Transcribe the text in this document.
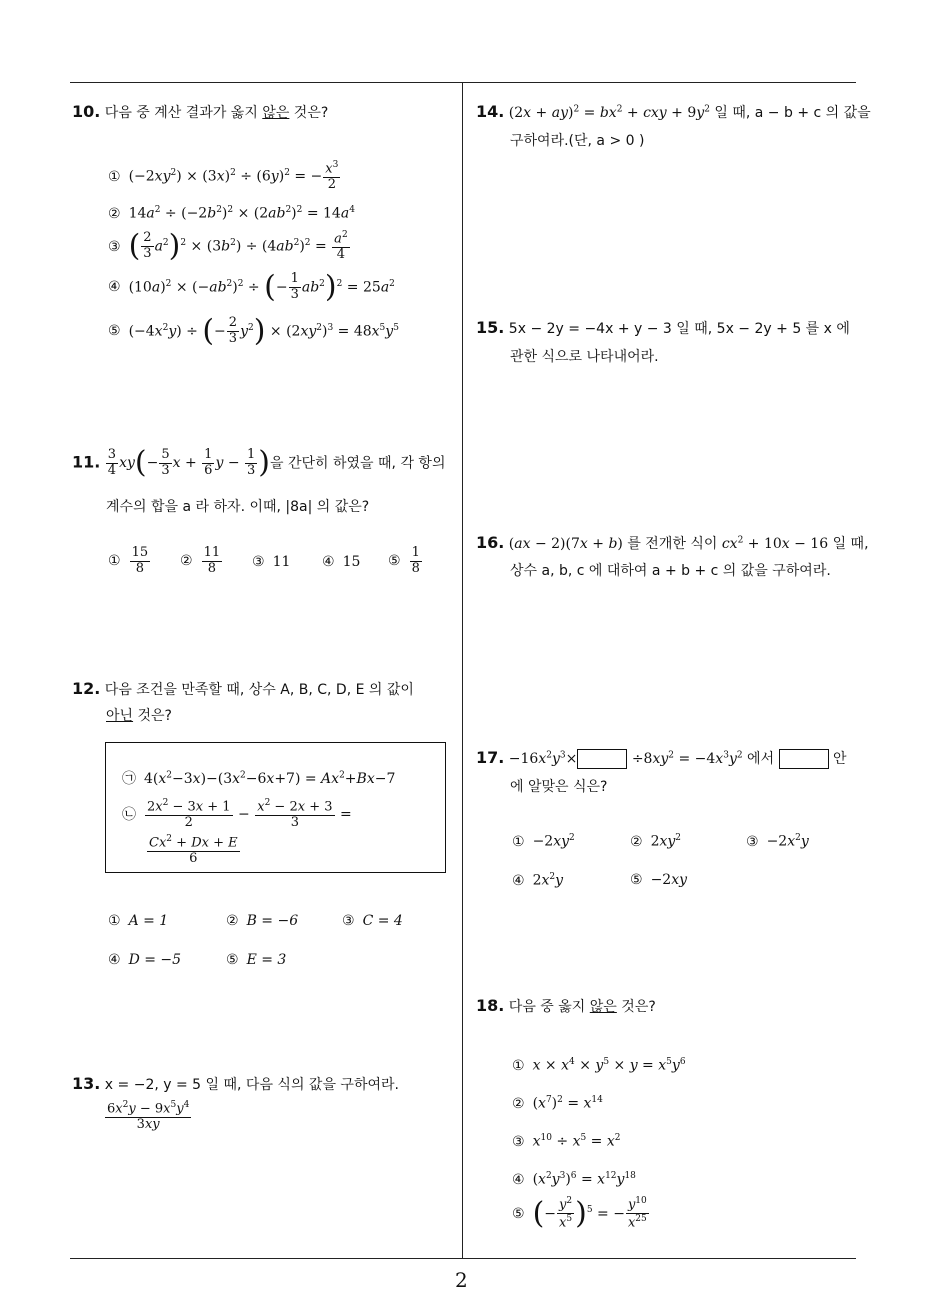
2
10. 다음 중 계산 결과가 옳지 않은 것은?
① $(-2xy^2) \times (3x)^2 \div (6y)^2$ = − $\frac{x^3}{2}$
② $14a^2 \div (-2b^2)^2 \times (2ab^2)^2 = 14a^4$
③ ( $\frac{2}{3} a^2)^2 \times (3b^2) \div (4ab^2)^2 = \frac{a^2}{4}$
④ $(10a)^2 \times (-ab^2)^2$ ÷ (− $\frac{1}{3} ab^2)^2 = 25a^2$
⑤ $(-4x^2y)$ ÷ (− $\frac{2}{3} y^2) \times (2xy^2)^3 = 48x^5y^5$
11. $\frac{3}{4} xy(- \frac{5}{3}$ $x + \frac{1}{6}$ $y - \frac{1}{3}$ )을 간단히 하였을 때, 각 항의
계수의 합을 a 라 하자. 이때, |8a| 의 값은?
① $\frac{15}{8}$ ② $\frac{11}{8}$ ③ 11	④ 15	⑤ $\frac{1}{8}$
12. 다음 조건을 만족할 때, 상수 A, B, C, D, E 의 값이
아닌 것은?
㉠ $4(x^2-3x)-(3x^2-6x+7) = Ax^2+Bx-7$
㉡ $\frac{2x^2 - 3x + 1}{2} - \frac{x^2 - 2x + 3}{3}$ =
$\frac{Cx^2 + Dx + E}{6}$
① A = 1	② B = −6	③ C = 4
④ D = −5	⑤ E = 3
13. x = −2, y = 5 일 때, 다음 식의 값을 구하여라.
$\frac{6x^2y - 9x^5y^4}{3xy}$
14. $(2x + ay)^2 = bx^2$ + cxy + $9y^2$ 일 때, a − b + c 의 값을
구하여라.(단, a > 0 )
15. 5x − 2y = −4x + y − 3 일 때, 5x − 2y + 5 를 x 에
관한 식으로 나타내어라.
16. (ax − 2)(7x + b) 를 전개한 식이 $cx^2 + 10x - 16$ 일 때,
상수 a, b, c 에 대하여 a + b + c 의 값을 구하여라.
17. $-16x^2y^3\times$	$\div 8xy^2 = -4x^3y^2$ 에서	안
에 알맞은 식은?
① $-2xy^2$	② $2xy^2$	③ $-2x^2y$
④ $2x^2y$	⑤ −2xy
18. 다음 중 옳지 않은 것은?
① $x \times x^4 \times y^5 \times y = x^5y^6$
② $(x^7)^2 = x^{14}$
③ $x^{10} \div x^5 = x^2$
④ $(x^2y^3)^6 = x^{12}y^{18}$
⑤ (− $\frac{y^2}{x^5} )^5$ = − $\frac{y^{10}}{x^{25}}$
